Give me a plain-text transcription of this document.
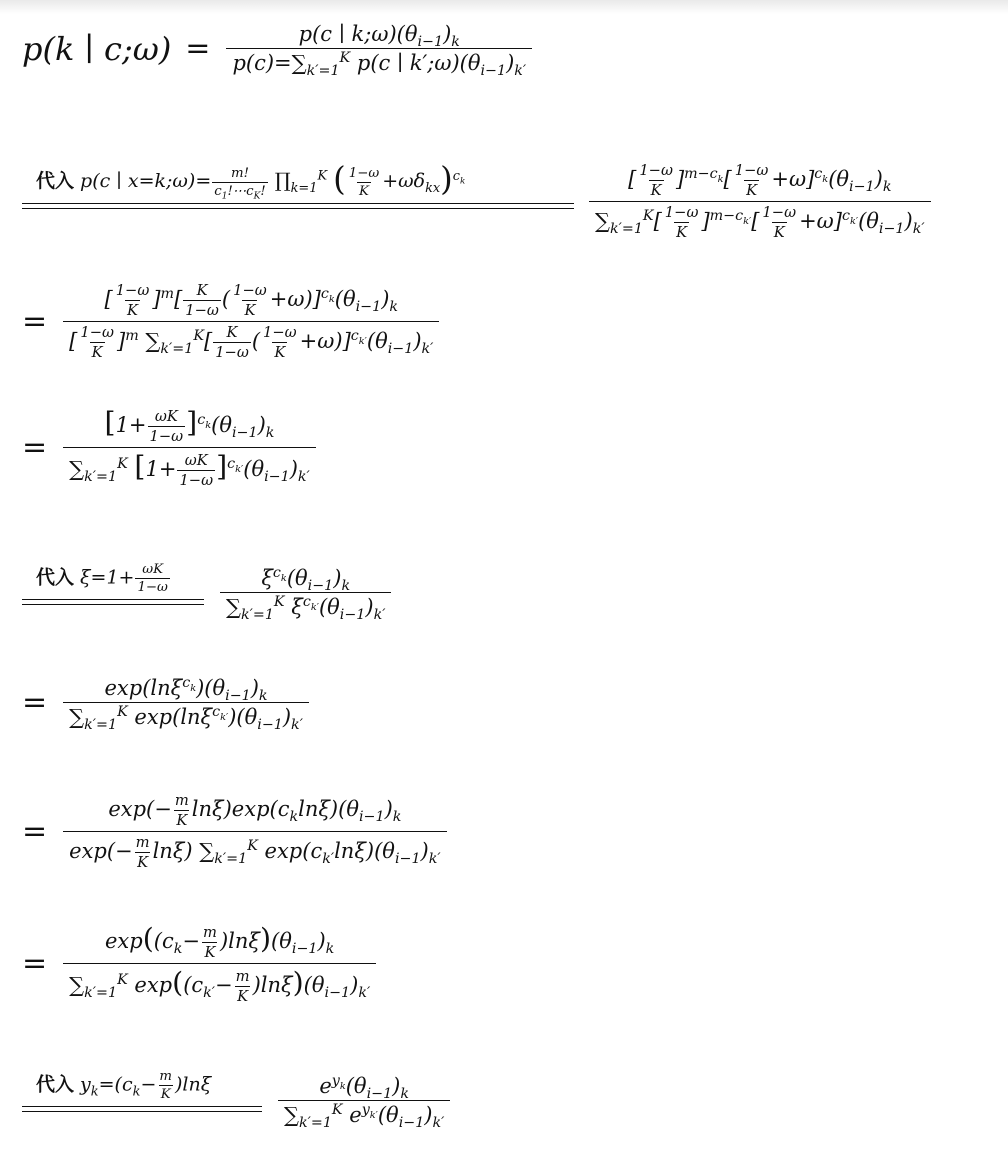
p(k ∣ c;ω) = $\frac{p(c ∣ k;\omega)(\theta_{i-1})_k}{p(c)=\sum_{k'=1}^K p(c ∣ k';\omega)(\theta_{i-1})_{k'}}$
代入 p(c ∣ x=k;ω)= $\frac{m!}{c_1!\cdots c_K!}$ $\prod_{k=1}^K$ ( $\frac{1-\omega}{K} +\omega\delta_{kx})^{c_k}$	$\frac{[ \frac{1-\omega}{K} ]^{m-c_k}[ \frac{1-\omega}{K} +\omega]^{c_k}(\theta_{i-1})_k}{\sum_{k'=1}^K[ \frac{1-\omega}{K} ]^{m-c_{k'}}[ \frac{1-\omega}{K} +\omega]^{c_{k'}}(\theta_{i-1})_{k'}}$
= $\frac{[ \frac{1-\omega}{K} ]^m[ \frac{K}{1-\omega} ( \frac{1-\omega}{K} +\omega)]^{c_k}(\theta_{i-1})_k}{[ \frac{1-\omega}{K} ]^m \sum_{k'=1}^K[ \frac{K}{1-\omega} ( \frac{1-\omega}{K} +\omega)]^{c_{k'}}(\theta_{i-1})_{k'}}$
= $\frac{[1+ \frac{\omega K}{1-\omega} ]^{c_k}(\theta_{i-1})_k}{\sum_{k'=1}^K [1+ \frac{\omega K}{1-\omega} ]^{c_{k'}}(\theta_{i-1})_{k'}}$
代入 $\xi=1+ \frac{\omega K}{1-\omega} \frac{\xi^{c_k}(\theta_{i-1})_k}{\sum_{k'=1}^K \xi^{c_{k'}}(\theta_{i-1})_{k'}}$
= $\frac{\exp(\ln\xi^{c_k})(\theta_{i-1})_k}{\sum_{k'=1}^K \exp(\ln\xi^{c_{k'}})(\theta_{i-1})_{k'}}$
= $\frac{\exp(- \frac{m}{K} \ln\xi)\exp(c_k\ln\xi)(\theta_{i-1})_k}{\exp(- \frac{m}{K} \ln\xi) \sum_{k'=1}^K \exp(c_{k'}\ln\xi)(\theta_{i-1})_{k'}}$
= $\frac{\exp((c_k- \frac{m}{K} )\ln\xi)(\theta_{i-1})_k}{\sum_{k'=1}^K \exp((c_{k'}- \frac{m}{K} )\ln\xi)(\theta_{i-1})_{k'}}$
代入 $y_k=(c_k- \frac{m}{K} )\ln\xi$	$\frac{e^{y_k}(\theta_{i-1})_k}{\sum_{k'=1}^K e^{y_{k'}}(\theta_{i-1})_{k'}}$
